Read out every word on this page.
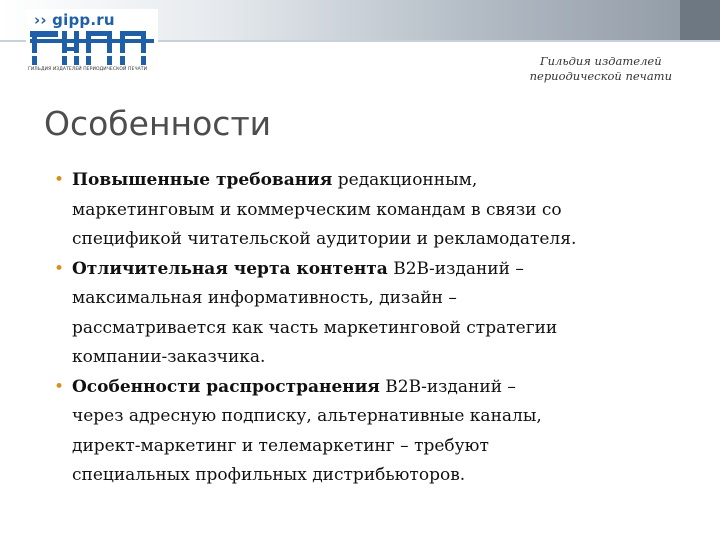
›› gipp.ru
ГИЛЬДИЯ ИЗДАТЕЛЕЙ ПЕРИОДИЧЕСКОЙ ПЕЧАТИ
Гильдия издателей
периодической печати
Особенности
• Повышенные требования редакционным,
маркетинговым и коммерческим командам в связи со
спецификой читательской аудитории и рекламодателя.
• Отличительная черта контента В2В-изданий –
максимальная информативность, дизайн –
рассматривается как часть маркетинговой стратегии
компании-заказчика.
• Особенности распространения В2В-изданий –
через адресную подписку, альтернативные каналы,
директ-маркетинг и телемаркетинг – требуют
специальных профильных дистрибьюторов.
